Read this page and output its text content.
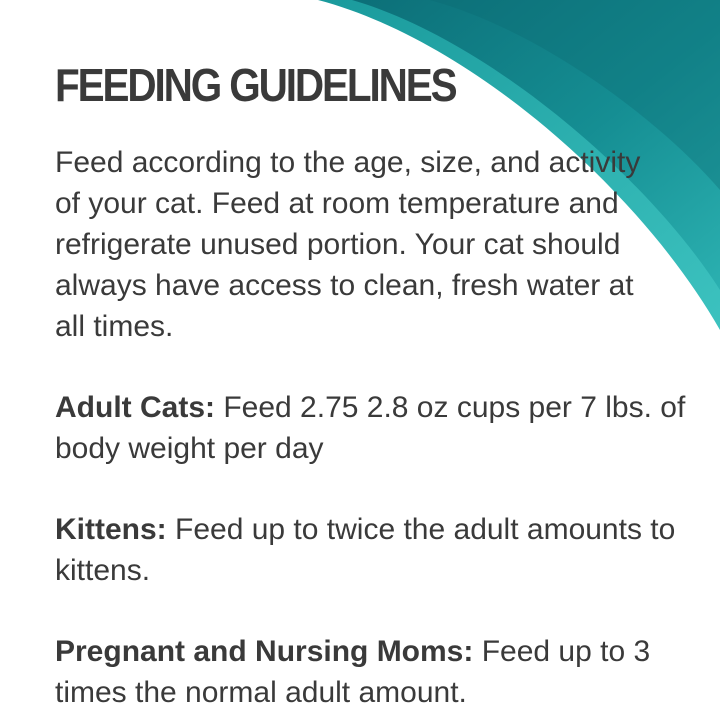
FEEDING GUIDELINES

Feed according to the age, size, and activity of your cat. Feed at room temperature and refrigerate unused portion. Your cat should always have access to clean, fresh water at all times.

Adult Cats: Feed 2.75 2.8 oz cups per 7 lbs. of body weight per day

Kittens: Feed up to twice the adult amounts to kittens.

Pregnant and Nursing Moms: Feed up to 3 times the normal adult amount.
